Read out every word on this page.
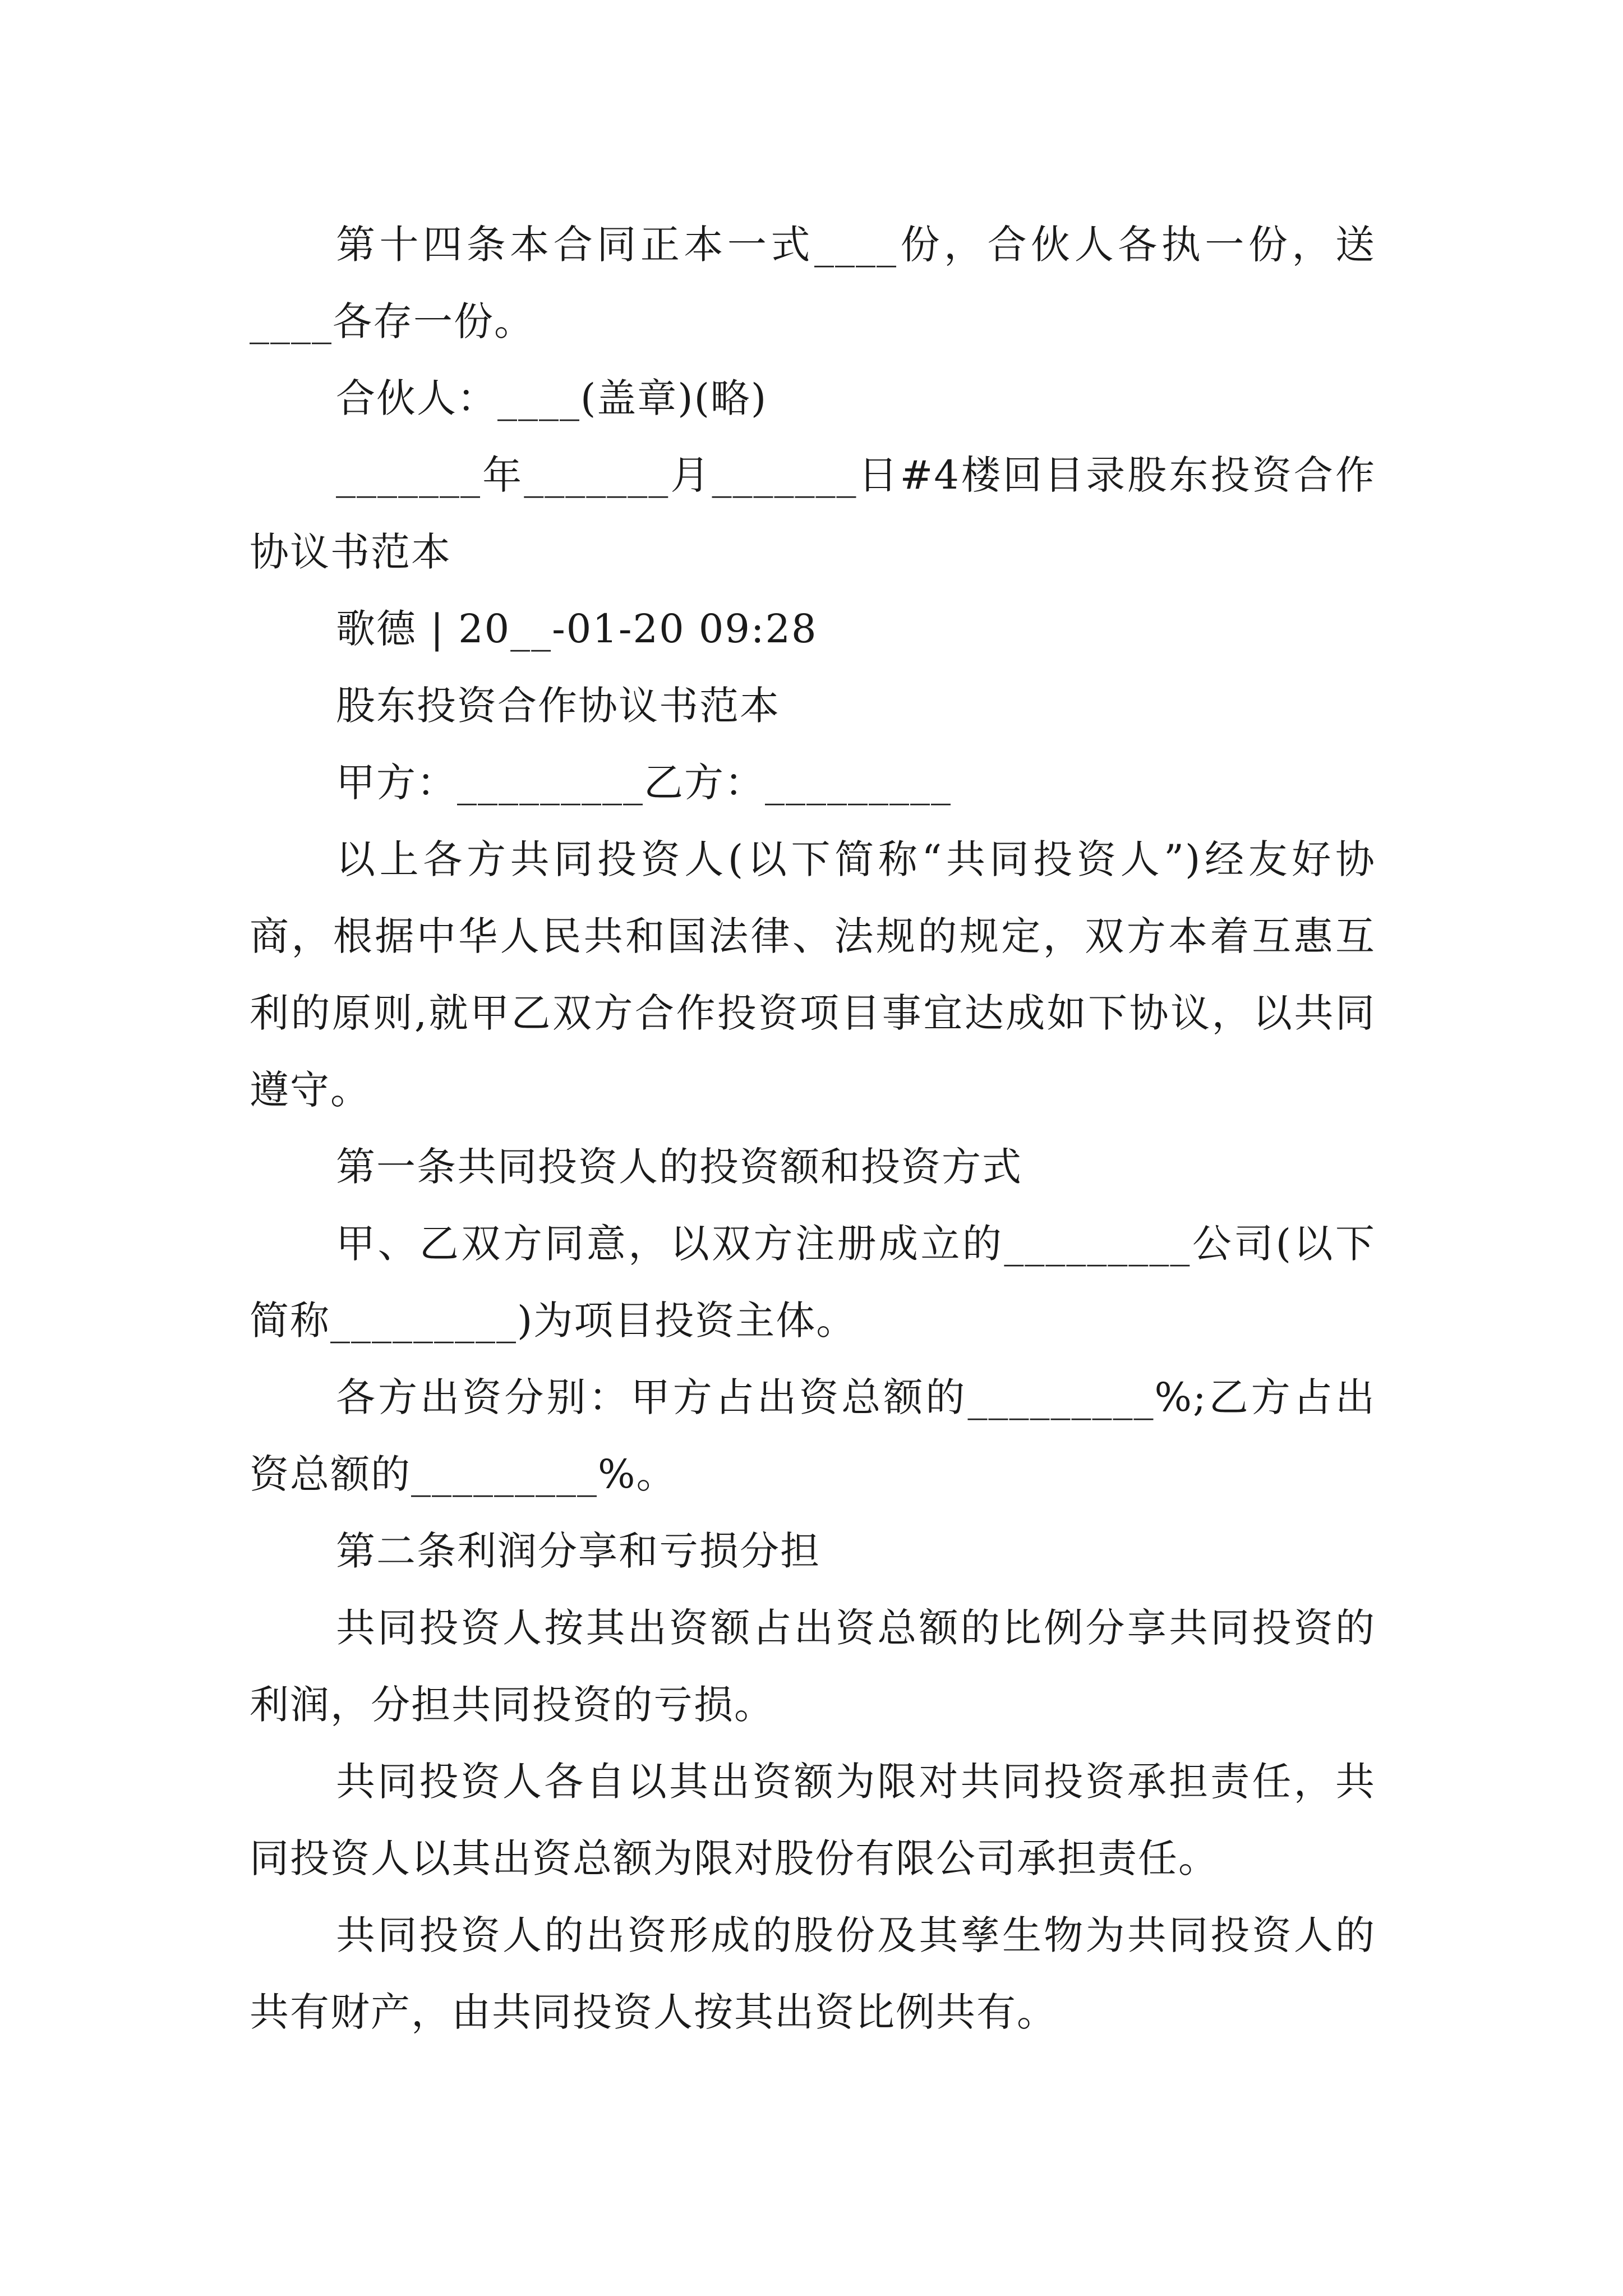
第十四条本合同正本一式____份，合伙人各执一份，送____各存一份。

合伙人：____(盖章)(略)

_______年_______月_______日#4楼回目录股东投资合作协议书范本

歌德 | 20__-01-20 09:28

股东投资合作协议书范本

甲方：_________乙方：_________

以上各方共同投资人(以下简称“共同投资人”)经友好协商，根据中华人民共和国法律、法规的规定，双方本着互惠互利的原则,就甲乙双方合作投资项目事宜达成如下协议，以共同遵守。

第一条共同投资人的投资额和投资方式

甲、乙双方同意，以双方注册成立的_________公司(以下简称_________)为项目投资主体。

各方出资分别：甲方占出资总额的_________%;乙方占出资总额的_________%。

第二条利润分享和亏损分担

共同投资人按其出资额占出资总额的比例分享共同投资的利润，分担共同投资的亏损。

共同投资人各自以其出资额为限对共同投资承担责任，共同投资人以其出资总额为限对股份有限公司承担责任。

共同投资人的出资形成的股份及其孳生物为共同投资人的共有财产，由共同投资人按其出资比例共有。
